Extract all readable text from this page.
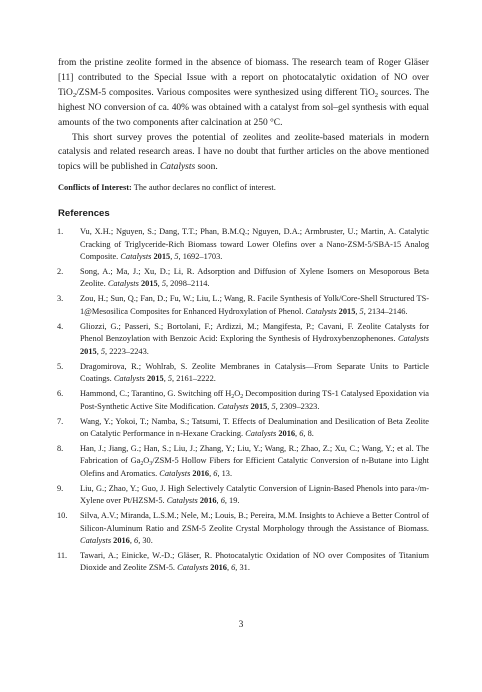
from the pristine zeolite formed in the absence of biomass. The research team of Roger Gläser [11] contributed to the Special Issue with a report on photocatalytic oxidation of NO over TiO$_2$/ZSM-5 composites. Various composites were synthesized using different TiO$_2$ sources. The highest NO conversion of ca. 40% was obtained with a catalyst from sol–gel synthesis with equal amounts of the two components after calcination at 250 °C.

This short survey proves the potential of zeolites and zeolite-based materials in modern catalysis and related research areas. I have no doubt that further articles on the above mentioned topics will be published in Catalysts soon.

Conflicts of Interest: The author declares no conflict of interest.

References
1. Vu, X.H.; Nguyen, S.; Dang, T.T.; Phan, B.M.Q.; Nguyen, D.A.; Armbruster, U.; Martin, A. Catalytic Cracking of Triglyceride-Rich Biomass toward Lower Olefins over a Nano-ZSM-5/SBA-15 Analog Composite. Catalysts 2015, 5, 1692–1703.
2. Song, A.; Ma, J.; Xu, D.; Li, R. Adsorption and Diffusion of Xylene Isomers on Mesoporous Beta Zeolite. Catalysts 2015, 5, 2098–2114.
3. Zou, H.; Sun, Q.; Fan, D.; Fu, W.; Liu, L.; Wang, R. Facile Synthesis of Yolk/Core-Shell Structured TS-1@Mesosilica Composites for Enhanced Hydroxylation of Phenol. Catalysts 2015, 5, 2134–2146.
4. Gliozzi, G.; Passeri, S.; Bortolani, F.; Ardizzi, M.; Mangifesta, P.; Cavani, F. Zeolite Catalysts for Phenol Benzoylation with Benzoic Acid: Exploring the Synthesis of Hydroxybenzophenones. Catalysts 2015, 5, 2223–2243.
5. Dragomirova, R.; Wohlrab, S. Zeolite Membranes in Catalysis—From Separate Units to Particle Coatings. Catalysts 2015, 5, 2161–2222.
6. Hammond, C.; Tarantino, G. Switching off $H_2O_2$ Decomposition during TS-1 Catalysed Epoxidation via Post-Synthetic Active Site Modification. Catalysts 2015, 5, 2309–2323.
7. Wang, Y.; Yokoi, T.; Namba, S.; Tatsumi, T. Effects of Dealumination and Desilication of Beta Zeolite on Catalytic Performance in n-Hexane Cracking. Catalysts 2016, 6, 8.
8. Han, J.; Jiang, G.; Han, S.; Liu, J.; Zhang, Y.; Liu, Y.; Wang, R.; Zhao, Z.; Xu, C.; Wang, Y.; et al. The Fabrication of $Ga_2O_3/ZSM-5$ Hollow Fibers for Efficient Catalytic Conversion of n-Butane into Light Olefins and Aromatics. Catalysts 2016, 6, 13.
9. Liu, G.; Zhao, Y.; Guo, J. High Selectively Catalytic Conversion of Lignin-Based Phenols into para-/m-Xylene over Pt/HZSM-5. Catalysts 2016, 6, 19.
10. Silva, A.V.; Miranda, L.S.M.; Nele, M.; Louis, B.; Pereira, M.M. Insights to Achieve a Better Control of Silicon-Aluminum Ratio and ZSM-5 Zeolite Crystal Morphology through the Assistance of Biomass. Catalysts 2016, 6, 30.
11. Tawari, A.; Einicke, W.-D.; Gläser, R. Photocatalytic Oxidation of NO over Composites of Titanium Dioxide and Zeolite ZSM-5. Catalysts 2016, 6, 31.
3
